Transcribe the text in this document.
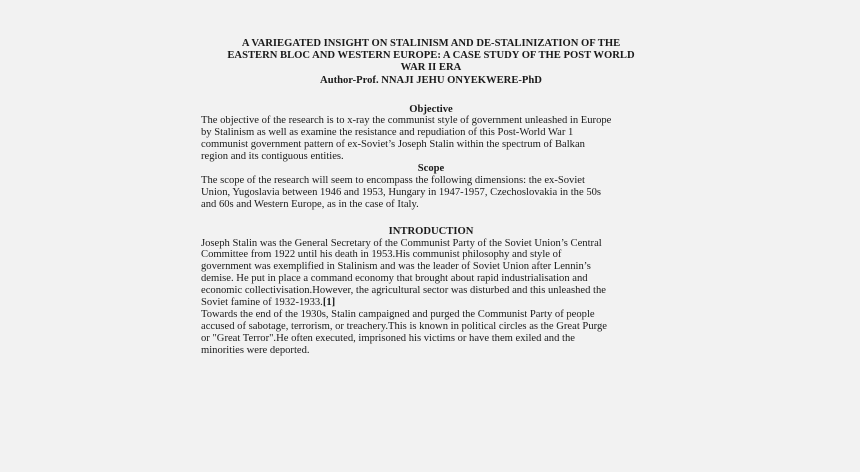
A VARIEGATED INSIGHT ON STALINISM AND DE-STALINIZATION OF THE
EASTERN BLOC AND WESTERN EUROPE: A CASE STUDY OF THE POST WORLD
WAR II ERA
Author-Prof. NNAJI JEHU ONYEKWERE-PhD
Objective
The objective of the research is to x-ray the communist style of government unleashed in Europe
by Stalinism as well as examine the resistance and repudiation of this Post-World War 1
communist government pattern of ex-Soviet’s Joseph Stalin within the spectrum of Balkan
region and its contiguous entities.
Scope
The scope of the research will seem to encompass the following dimensions: the ex-Soviet
Union, Yugoslavia between 1946 and 1953, Hungary in 1947-1957, Czechoslovakia in the 50s
and 60s and Western Europe, as in the case of Italy.
INTRODUCTION
Joseph Stalin was the General Secretary of the Communist Party of the Soviet Union’s Central
Committee from 1922 until his death in 1953.His communist philosophy and style of
government was exemplified in Stalinism and was the leader of Soviet Union after Lennin’s
demise. He put in place a command economy that brought about rapid industrialisation and
economic collectivisation.However, the agricultural sector was disturbed and this unleashed the
Soviet famine of 1932-1933.[1]
Towards the end of the 1930s, Stalin campaigned and purged the Communist Party of people
accused of sabotage, terrorism, or treachery.This is known in political circles as the Great Purge
or "Great Terror".He often executed, imprisoned his victims or have them exiled and the
minorities were deported.
